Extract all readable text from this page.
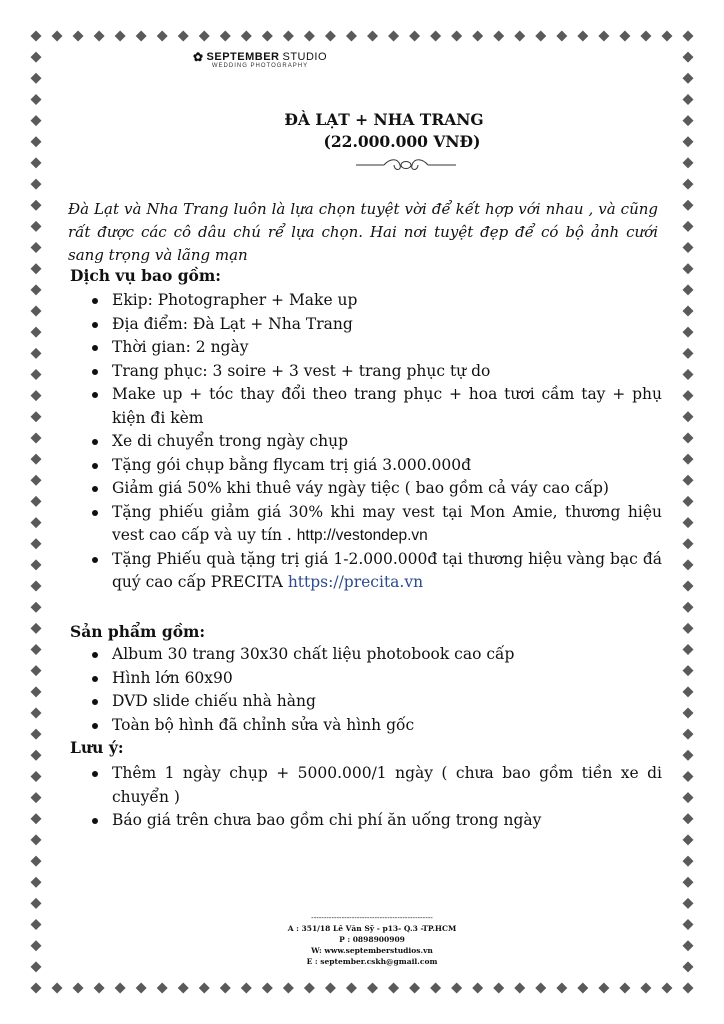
✿ SEPTEMBER STUDIO
WEDDING PHOTOGRAPHY
ĐÀ LẠT + NHA TRANG
(22.000.000 VNĐ)
Đà Lạt và Nha Trang luôn là lựa chọn tuyệt vời để kết hợp với nhau , và cũng rất được các cô dâu chú rể lựa chọn. Hai nơi tuyệt đẹp để có bộ ảnh cưới sang trọng và lãng mạn
Dịch vụ bao gồm:
Ekip: Photographer + Make up
Địa điểm: Đà Lạt + Nha Trang
Thời gian: 2 ngày
Trang phục: 3 soire + 3 vest + trang phục tự do
Make up + tóc thay đổi theo trang phục + hoa tươi cầm tay + phụ kiện đi kèm
Xe di chuyển trong ngày chụp
Tặng gói chụp bằng flycam trị giá 3.000.000đ
Giảm giá 50% khi thuê váy ngày tiệc ( bao gồm cả váy cao cấp)
Tặng phiếu giảm giá 30% khi may vest tại Mon Amie, thương hiệu vest cao cấp và uy tín . http://vestondep.vn
Tặng Phiếu quà tặng trị giá 1-2.000.000đ tại thương hiệu vàng bạc đá quý cao cấp PRECITA https://precita.vn
Sản phẩm gồm:
Album 30 trang 30x30 chất liệu photobook cao cấp
Hình lớn 60x90
DVD slide chiếu nhà hàng
Toàn bộ hình đã chỉnh sửa và hình gốc
Lưu ý:
Thêm 1 ngày chụp + 5000.000/1 ngày ( chưa bao gồm tiền xe di chuyển )
Báo giá trên chưa bao gồm chi phí ăn uống trong ngày
------------------------------------------------
A : 351/18 Lê Văn Sỹ - p13- Q.3 -TP.HCM
P : 0898900909
W: www.septemberstudios.vn
E : september.cskh@gmail.com
